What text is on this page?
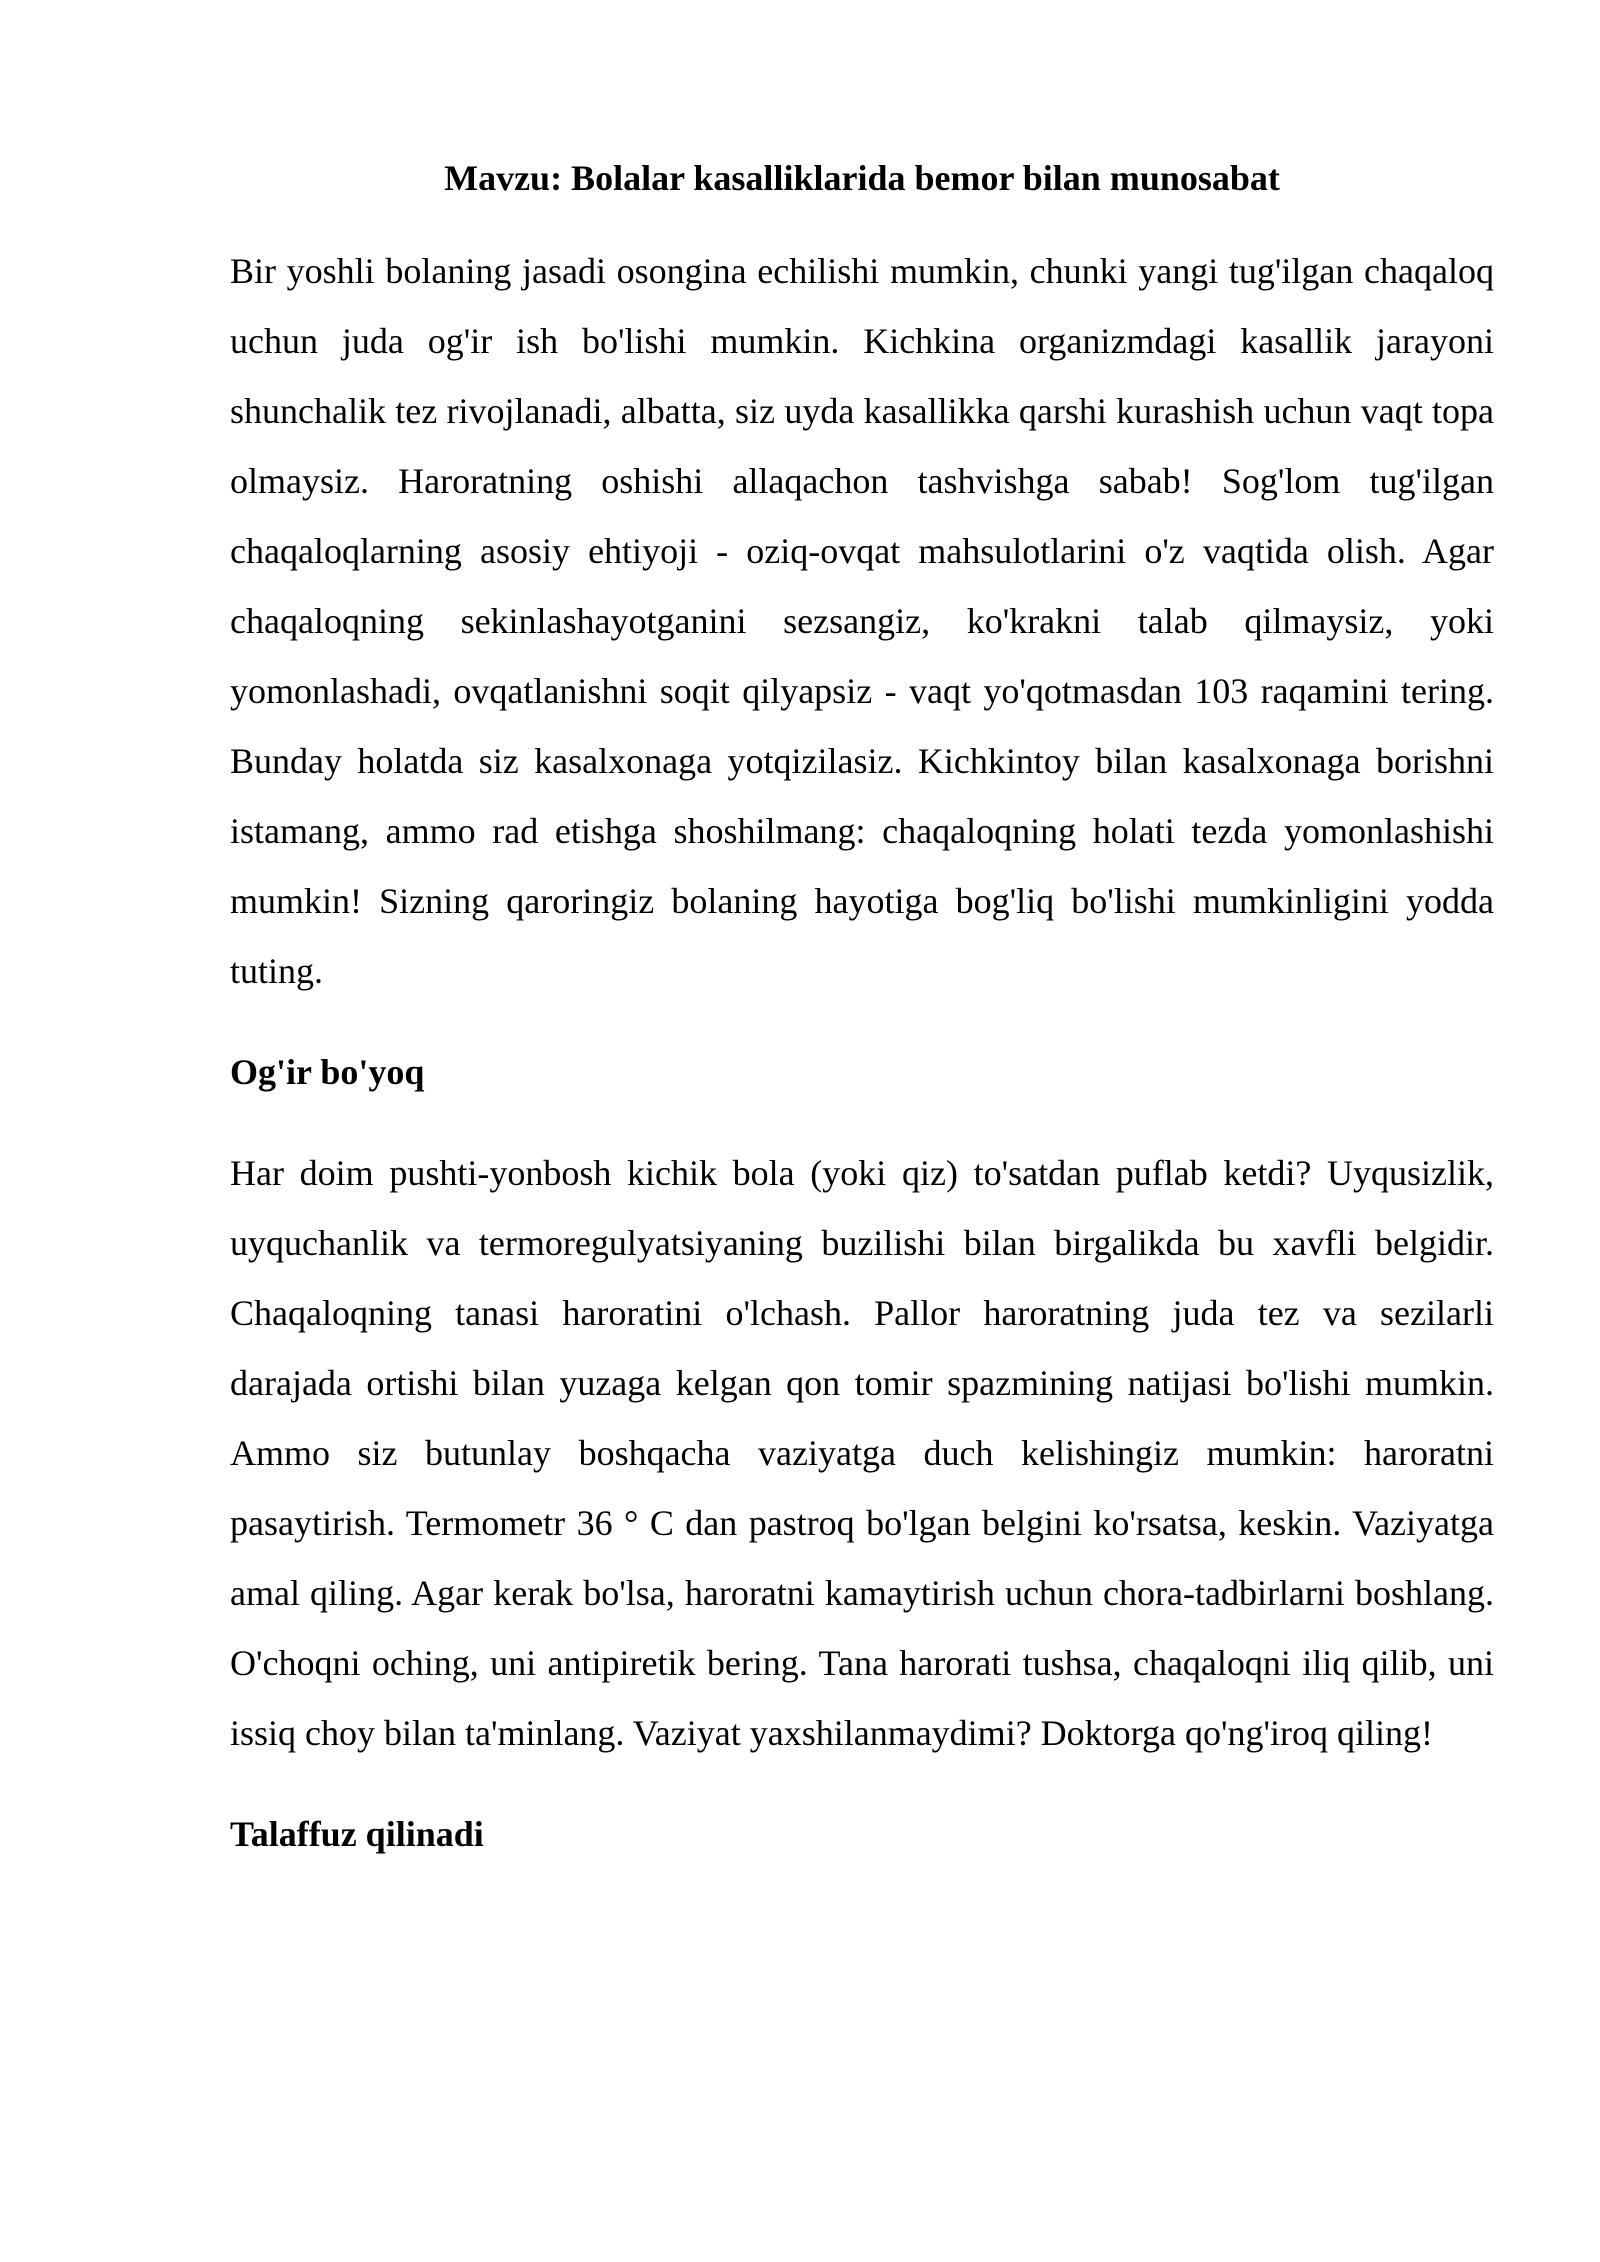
Mavzu: Bolalar kasalliklarida bemor bilan munosabat

Bir yoshli bolaning jasadi osongina echilishi mumkin, chunki yangi tug'ilgan chaqaloq uchun juda og'ir ish bo'lishi mumkin. Kichkina organizmdagi kasallik jarayoni shunchalik tez rivojlanadi, albatta, siz uyda kasallikka qarshi kurashish uchun vaqt topa olmaysiz. Haroratning oshishi allaqachon tashvishga sabab! Sog'lom tug'ilgan chaqaloqlarning asosiy ehtiyoji - oziq-ovqat mahsulotlarini o'z vaqtida olish. Agar chaqaloqning sekinlashayotganini sezsangiz, ko'krakni talab qilmaysiz, yoki yomonlashadi, ovqatlanishni soqit qilyapsiz - vaqt yo'qotmasdan 103 raqamini tering. Bunday holatda siz kasalxonaga yotqizilasiz. Kichkintoy bilan kasalxonaga borishni istamang, ammo rad etishga shoshilmang: chaqaloqning holati tezda yomonlashishi mumkin! Sizning qaroringiz bolaning hayotiga bog'liq bo'lishi mumkinligini yodda tuting.

Og'ir bo'yoq

Har doim pushti-yonbosh kichik bola (yoki qiz) to'satdan puflab ketdi? Uyqusizlik, uyquchanlik va termoregulyatsiyaning buzilishi bilan birgalikda bu xavfli belgidir. Chaqaloqning tanasi haroratini o'lchash. Pallor haroratning juda tez va sezilarli darajada ortishi bilan yuzaga kelgan qon tomir spazmining natijasi bo'lishi mumkin. Ammo siz butunlay boshqacha vaziyatga duch kelishingiz mumkin: haroratni pasaytirish. Termometr 36 ° C dan pastroq bo'lgan belgini ko'rsatsa, keskin. Vaziyatga amal qiling. Agar kerak bo'lsa, haroratni kamaytirish uchun chora-tadbirlarni boshlang. O'choqni oching, uni antipiretik bering. Tana harorati tushsa, chaqaloqni iliq qilib, uni issiq choy bilan ta'minlang. Vaziyat yaxshilanmaydimi? Doktorga qo'ng'iroq qiling!

Talaffuz qilinadi
